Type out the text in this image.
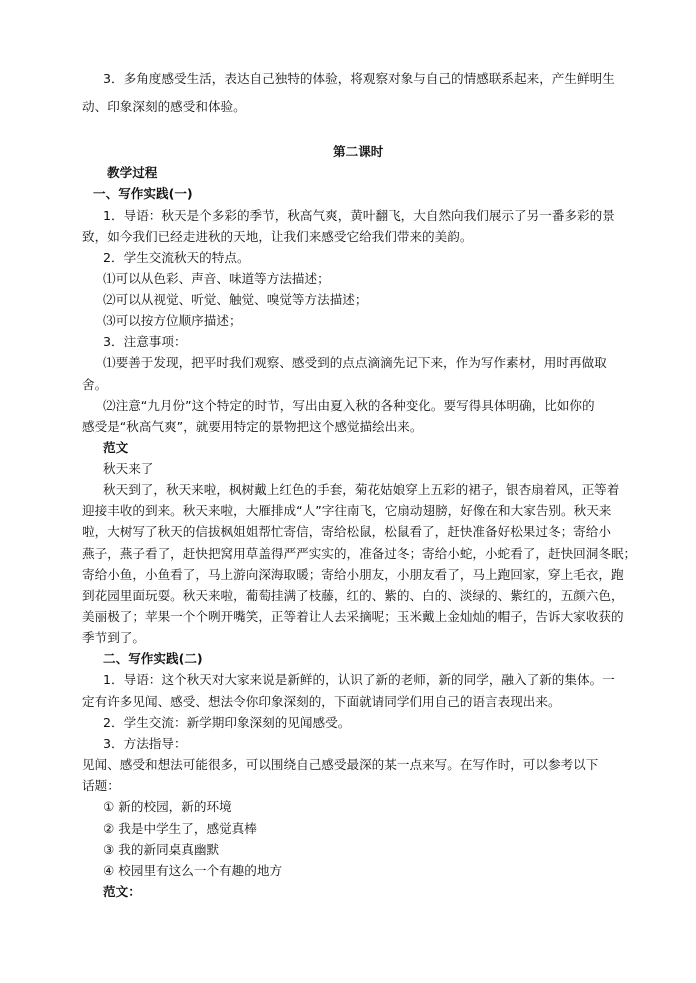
3．多角度感受生活，表达自己独特的体验，将观察对象与自己的情感联系起来，产生鲜明生
动、印象深刻的感受和体验。
第二课时
教学过程
一、写作实践(一)
1．导语：秋天是个多彩的季节，秋高气爽，黄叶翻飞，大自然向我们展示了另一番多彩的景
致，如今我们已经走进秋的天地，让我们来感受它给我们带来的美韵。
2．学生交流秋天的特点。
⑴可以从色彩、声音、味道等方法描述；
⑵可以从视觉、听觉、触觉、嗅觉等方法描述；
⑶可以按方位顺序描述；
3．注意事项：
⑴要善于发现，把平时我们观察、感受到的点点滴滴先记下来，作为写作素材，用时再做取
舍。
⑵注意“九月份”这个特定的时节，写出由夏入秋的各种变化。要写得具体明确，比如你的
感受是“秋高气爽”，就要用特定的景物把这个感觉描绘出来。
范文
秋天来了
秋天到了，秋天来啦，枫树戴上红色的手套，菊花姑娘穿上五彩的裙子，银杏扇着风，正等着
迎接丰收的到来。秋天来啦，大雁排成“人”字往南飞，它扇动翅膀，好像在和大家告别。秋天来
啦，大树写了秋天的信拔枫姐姐帮忙寄信，寄给松鼠，松鼠看了，赶快准备好松果过冬；寄给小
燕子，燕子看了，赶快把窝用草盖得严严实实的，准备过冬；寄给小蛇，小蛇看了，赶快回洞冬眠；
寄给小鱼，小鱼看了，马上游向深海取暖；寄给小朋友，小朋友看了，马上跑回家，穿上毛衣，跑
到花园里面玩耍。秋天来啦，葡萄挂满了枝藤，红的、紫的、白的、淡绿的、紫红的，五颜六色，
美丽极了；苹果一个个咧开嘴笑，正等着让人去采摘呢；玉米戴上金灿灿的帽子，告诉大家收获的
季节到了。
二、写作实践(二)
1．导语：这个秋天对大家来说是新鲜的，认识了新的老师，新的同学，融入了新的集体。一
定有许多见闻、感受、想法令你印象深刻的，下面就请同学们用自己的语言表现出来。
2．学生交流：新学期印象深刻的见闻感受。
3．方法指导：
见闻、感受和想法可能很多，可以围绕自己感受最深的某一点来写。在写作时，可以参考以下
话题：
① 新的校园，新的环境
② 我是中学生了，感觉真棒
③ 我的新同桌真幽默
④ 校园里有这么一个有趣的地方
范文：
